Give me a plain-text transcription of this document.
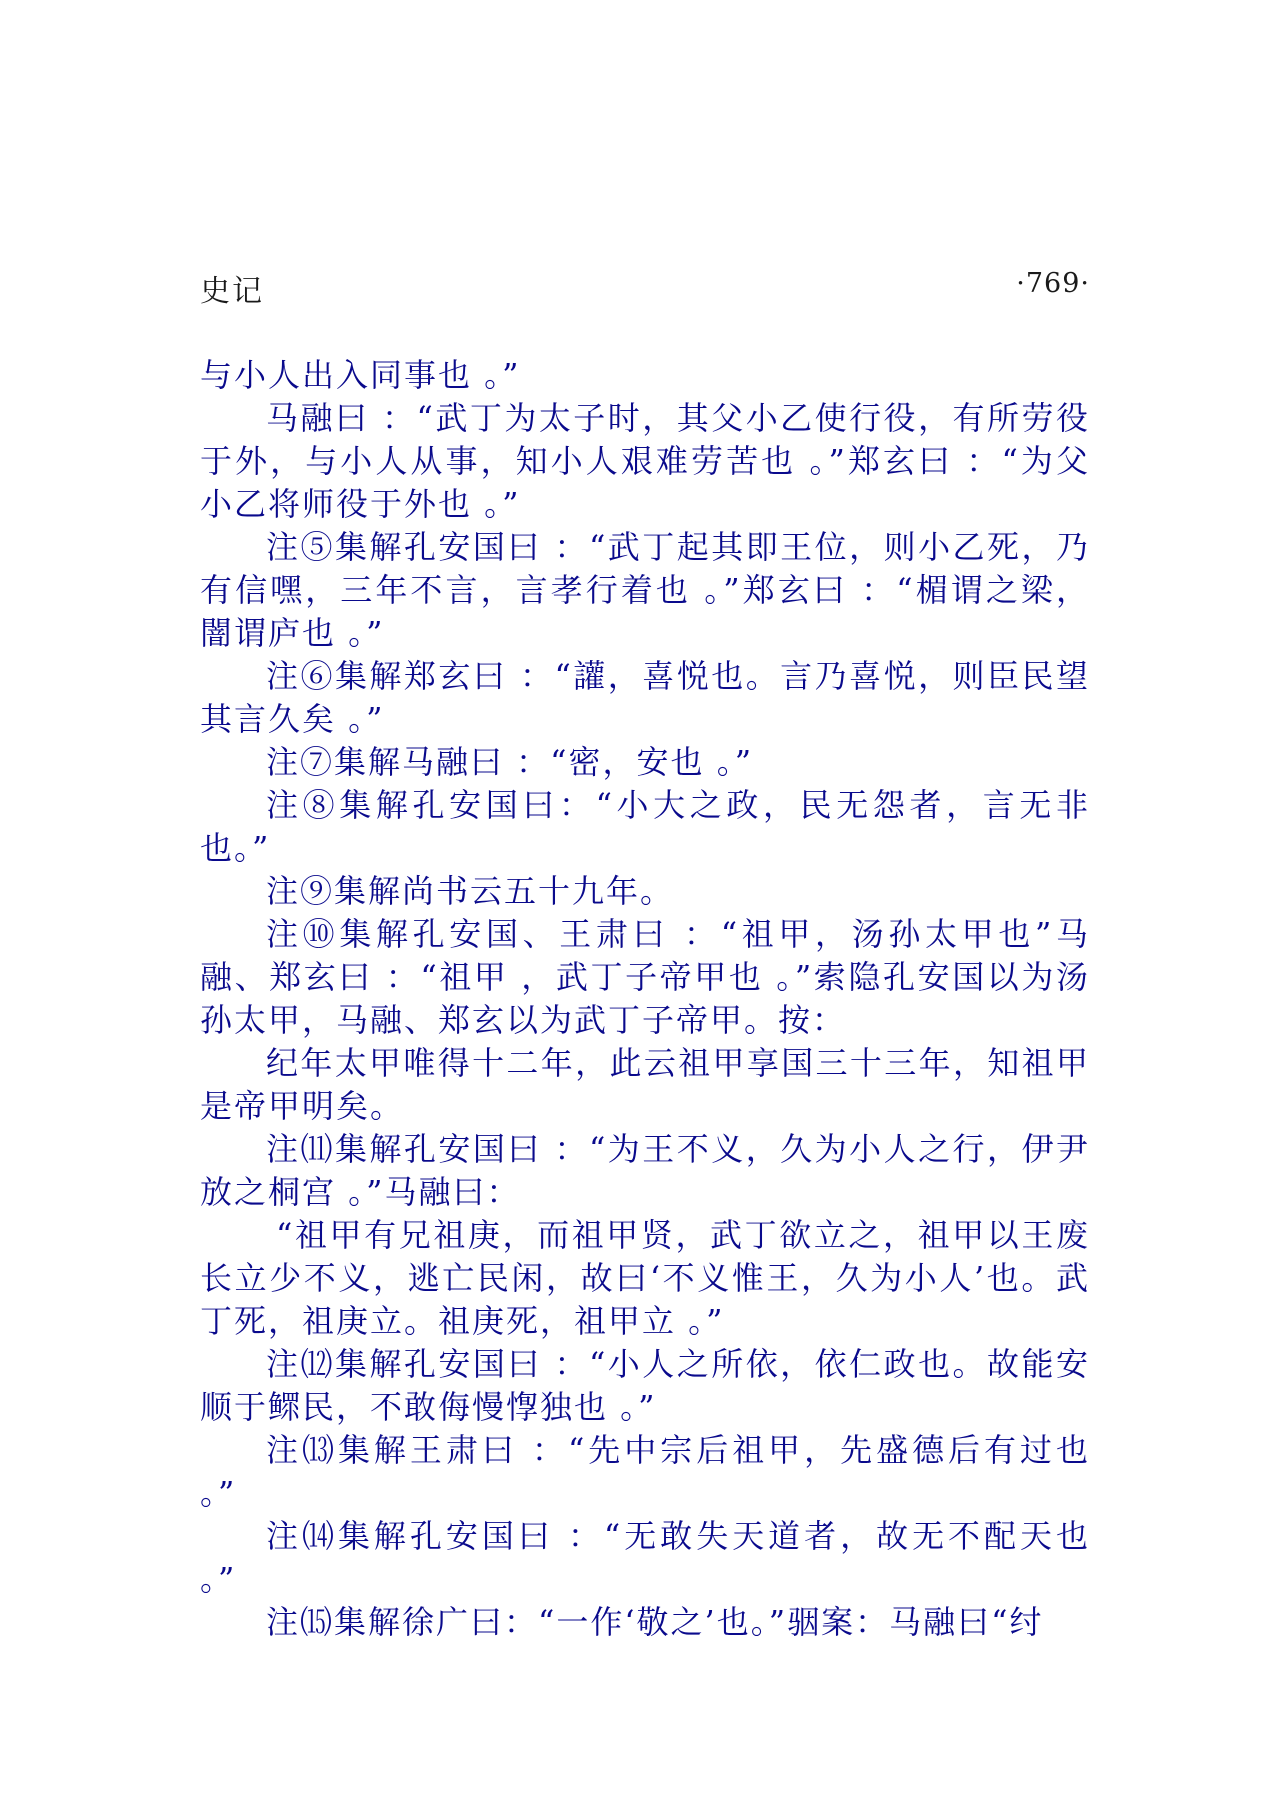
史记	·769·

与小人出入同事也 。”

马融曰 ：“武丁为太子时，其父小乙使行役，有所劳役于外，与小人从事，知小人艰难劳苦也 。”郑玄曰 ：“为父小乙将师役于外也 。”

注⑤集解孔安国曰 ：“武丁起其即王位，则小乙死，乃有信嘿，三年不言，言孝行着也 。”郑玄曰 ：“楣谓之梁，闇谓庐也 。”

注⑥集解郑玄曰 ：“讙，喜悦也。言乃喜悦，则臣民望其言久矣 。”

注⑦集解马融曰 ：“密，安也 。”

注⑧集解孔安国曰：“小大之政，民无怨者，言无非也。”

注⑨集解尚书云五十九年。

注⑩集解孔安国、王肃曰 ：“祖甲，汤孙太甲也”马融、郑玄曰 ：“祖甲 ，武丁子帝甲也 。”索隐孔安国以为汤孙太甲，马融、郑玄以为武丁子帝甲。按：

纪年太甲唯得十二年，此云祖甲享国三十三年，知祖甲是帝甲明矣。

注⑾集解孔安国曰 ：“为王不义，久为小人之行，伊尹放之桐宫 。”马融曰：

“祖甲有兄祖庚，而祖甲贤，武丁欲立之，祖甲以王废长立少不义，逃亡民闲，故曰‘不义惟王，久为小人’也。武丁死，祖庚立。祖庚死，祖甲立 。”

注⑿集解孔安国曰 ：“小人之所依，依仁政也。故能安顺于鳏民，不敢侮慢惸独也 。”

注⒀集解王肃曰 ：“先中宗后祖甲，先盛德后有过也 。”

注⒁集解孔安国曰 ：“无敢失天道者，故无不配天也 。”

注⒂集解徐广曰：“一作‘敬之’也。”骃案：马融曰“纣
